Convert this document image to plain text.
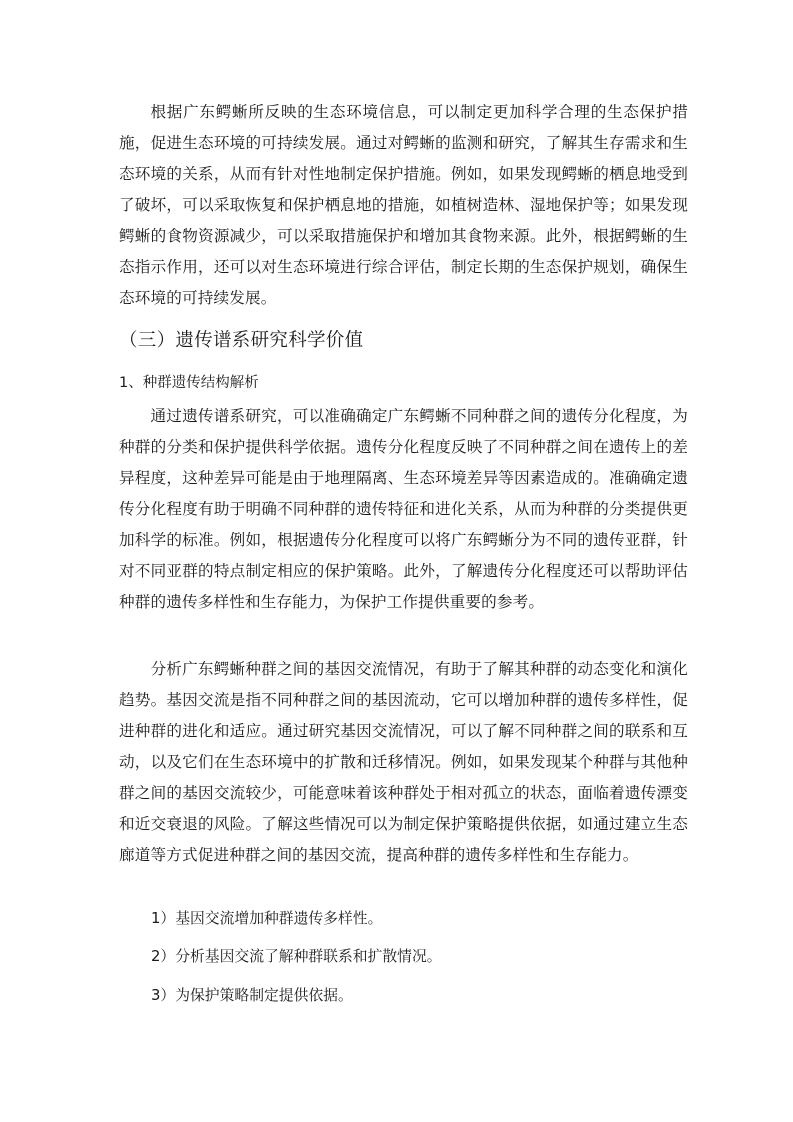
根据广东鳄蜥所反映的生态环境信息，可以制定更加科学合理的生态保护措施，促进生态环境的可持续发展。通过对鳄蜥的监测和研究，了解其生存需求和生态环境的关系，从而有针对性地制定保护措施。例如，如果发现鳄蜥的栖息地受到了破坏，可以采取恢复和保护栖息地的措施，如植树造林、湿地保护等；如果发现鳄蜥的食物资源减少，可以采取措施保护和增加其食物来源。此外，根据鳄蜥的生态指示作用，还可以对生态环境进行综合评估，制定长期的生态保护规划，确保生态环境的可持续发展。

（三）遗传谱系研究科学价值

1、种群遗传结构解析

通过遗传谱系研究，可以准确确定广东鳄蜥不同种群之间的遗传分化程度，为种群的分类和保护提供科学依据。遗传分化程度反映了不同种群之间在遗传上的差异程度，这种差异可能是由于地理隔离、生态环境差异等因素造成的。准确确定遗传分化程度有助于明确不同种群的遗传特征和进化关系，从而为种群的分类提供更加科学的标准。例如，根据遗传分化程度可以将广东鳄蜥分为不同的遗传亚群，针对不同亚群的特点制定相应的保护策略。此外，了解遗传分化程度还可以帮助评估种群的遗传多样性和生存能力，为保护工作提供重要的参考。

分析广东鳄蜥种群之间的基因交流情况，有助于了解其种群的动态变化和演化趋势。基因交流是指不同种群之间的基因流动，它可以增加种群的遗传多样性，促进种群的进化和适应。通过研究基因交流情况，可以了解不同种群之间的联系和互动，以及它们在生态环境中的扩散和迁移情况。例如，如果发现某个种群与其他种群之间的基因交流较少，可能意味着该种群处于相对孤立的状态，面临着遗传漂变和近交衰退的风险。了解这些情况可以为制定保护策略提供依据，如通过建立生态廊道等方式促进种群之间的基因交流，提高种群的遗传多样性和生存能力。

1）基因交流增加种群遗传多样性。

2）分析基因交流了解种群联系和扩散情况。

3）为保护策略制定提供依据。
